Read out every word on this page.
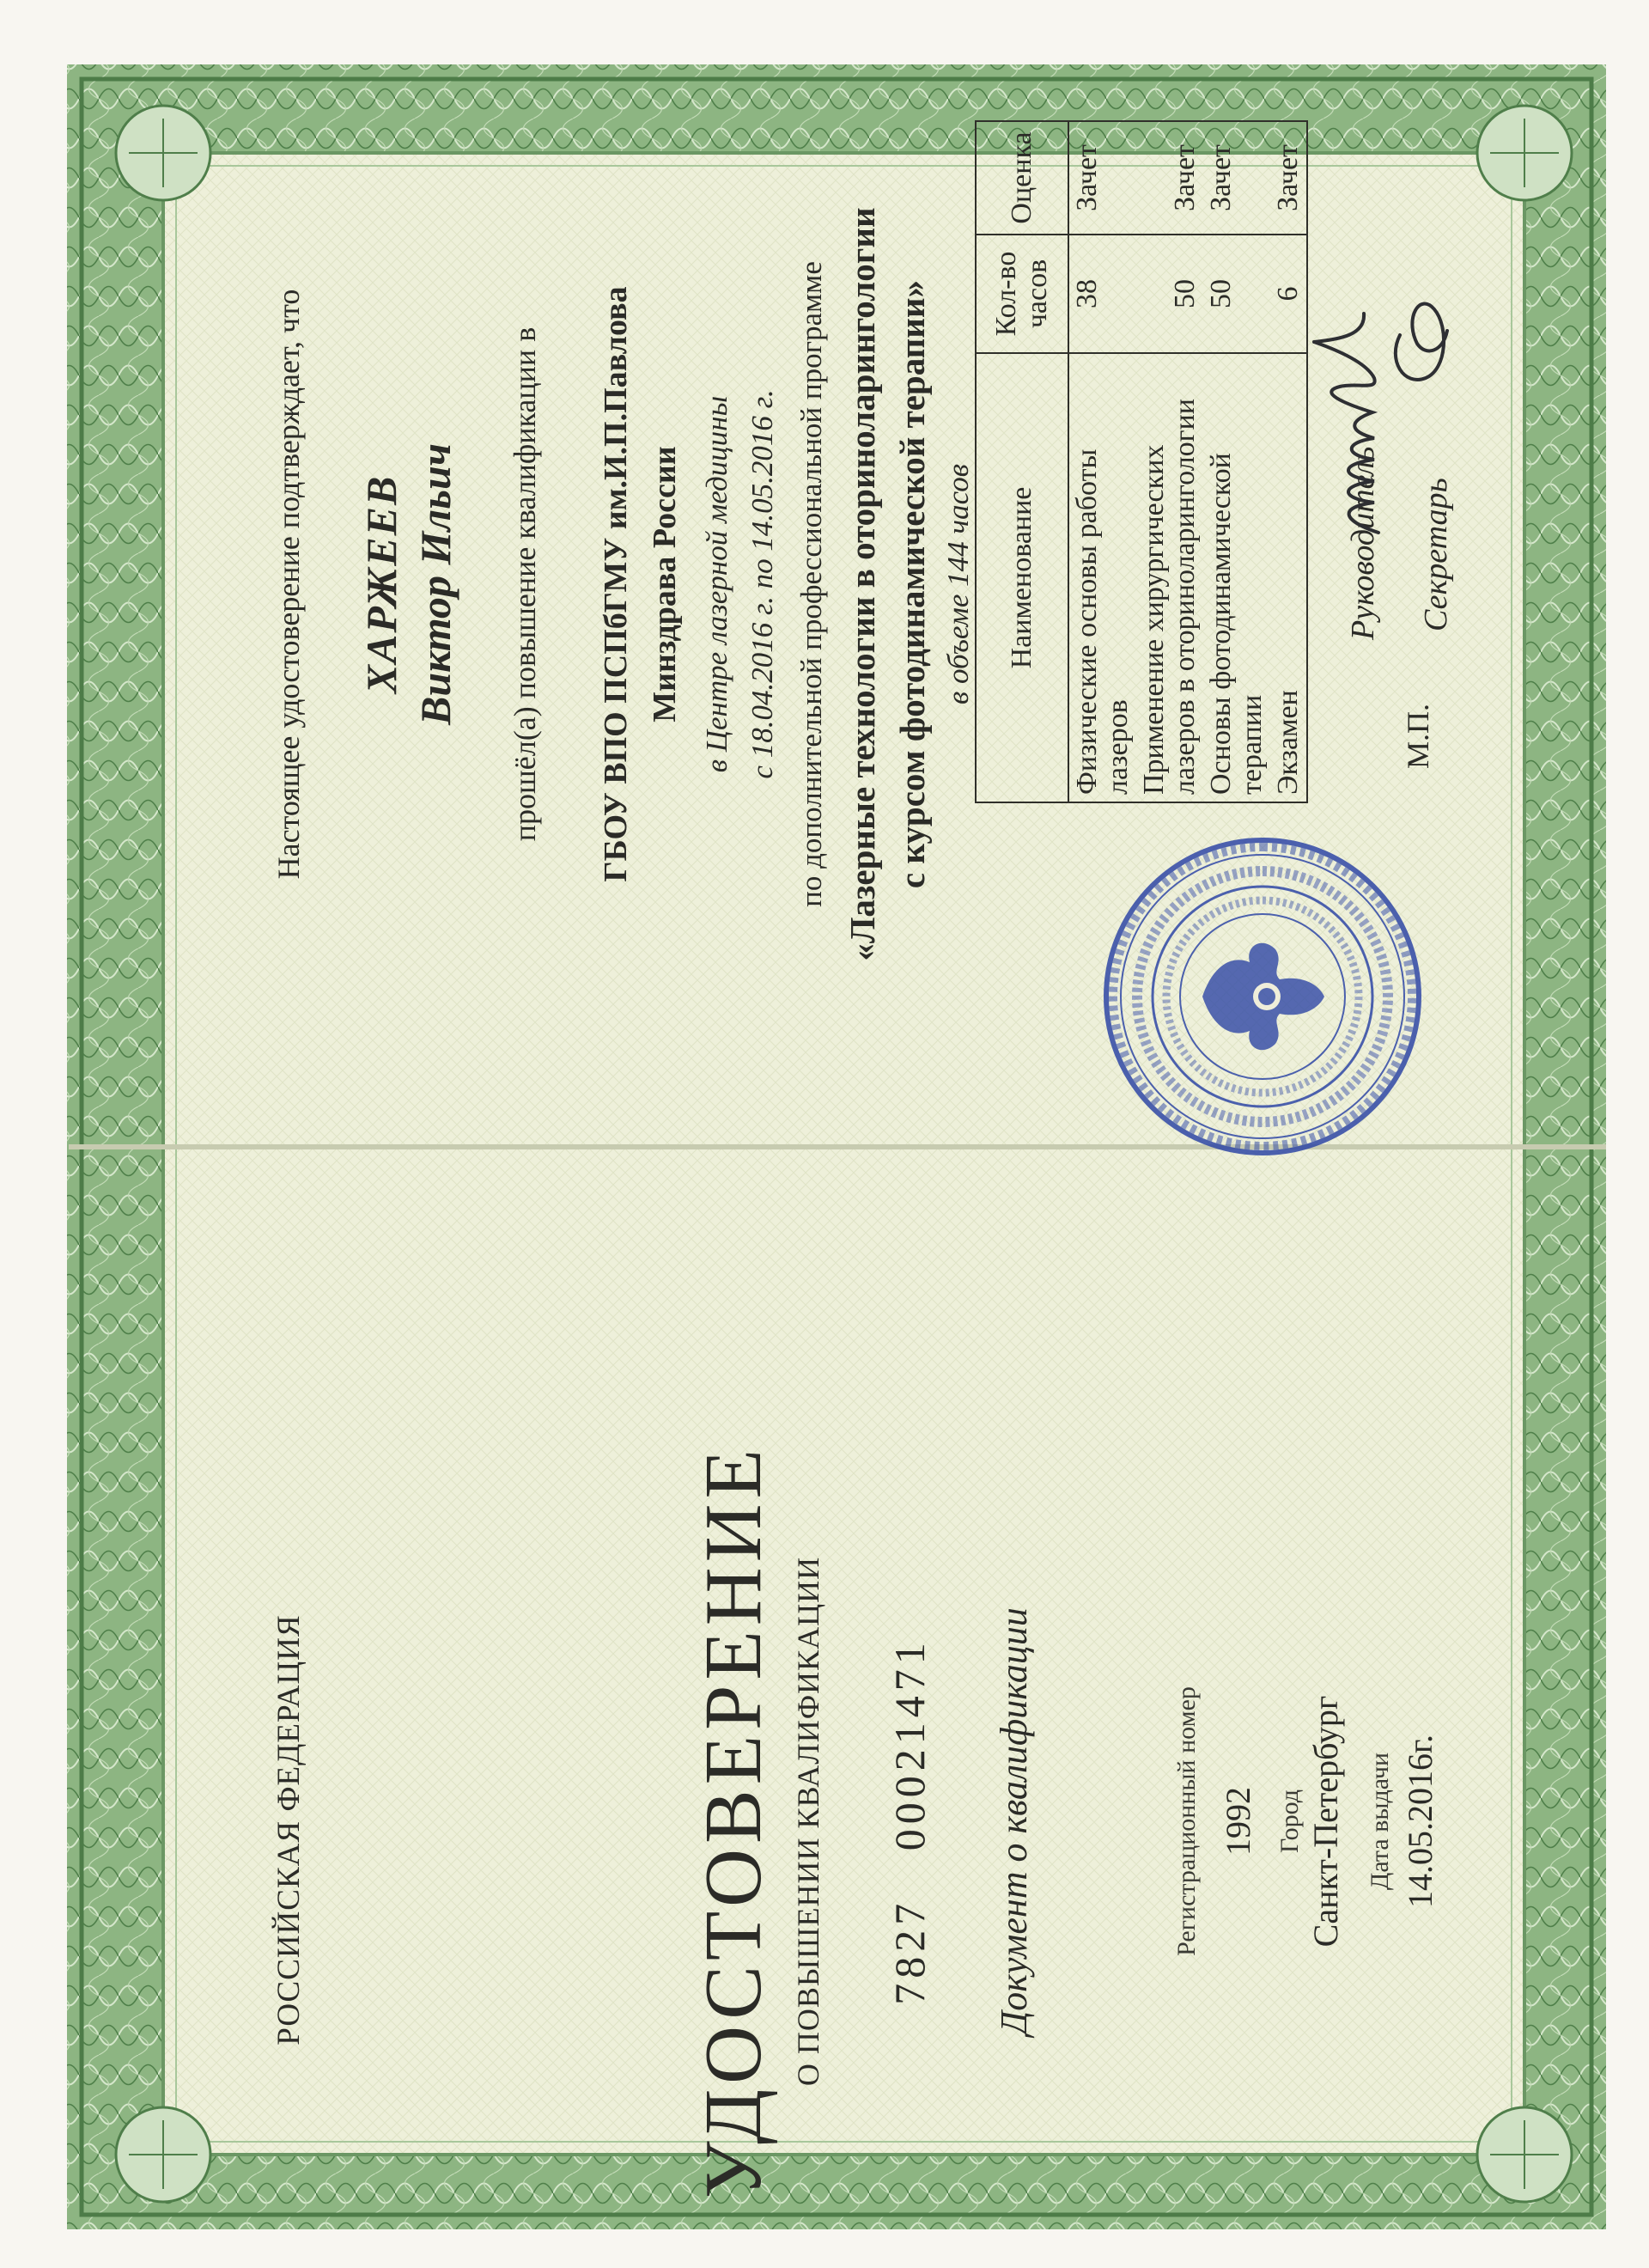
РОССИЙСКАЯ ФЕДЕРАЦИЯ	УДОСТОВЕРЕНИЕ О ПОВЫШЕНИИ КВАЛИФИКАЦИИ 7827   00021471 Документ о квалификации	Регистрационный номер 1992 Город Санкт-Петербург Дата выдачи 14.05.2016г.
Настоящее удостоверение подтверждает, что ХАРЖЕЕВ Виктор Ильич прошёл(а) повышение квалификации в ГБОУ ВПО ПСПбГМУ им.И.П.Павлова Минздрава России в Центре лазерной медицины с 18.04.2016 г. по 14.05.2016 г. по дополнительной профессиональной программе «Лазерные технологии в оториноларингологии с курсом фотодинамической терапии» в объеме 144 часов Наименование	Кол-во часов	Оценка
Физические основы работы лазеров	38	Зачет
Применение хирургических лазеров в оториноларингологии	50	Зачет
Основы фотодинамической терапии	50	Зачет
Экзамен	6	Зачет
Руководитель
М.П.
Секретарь
